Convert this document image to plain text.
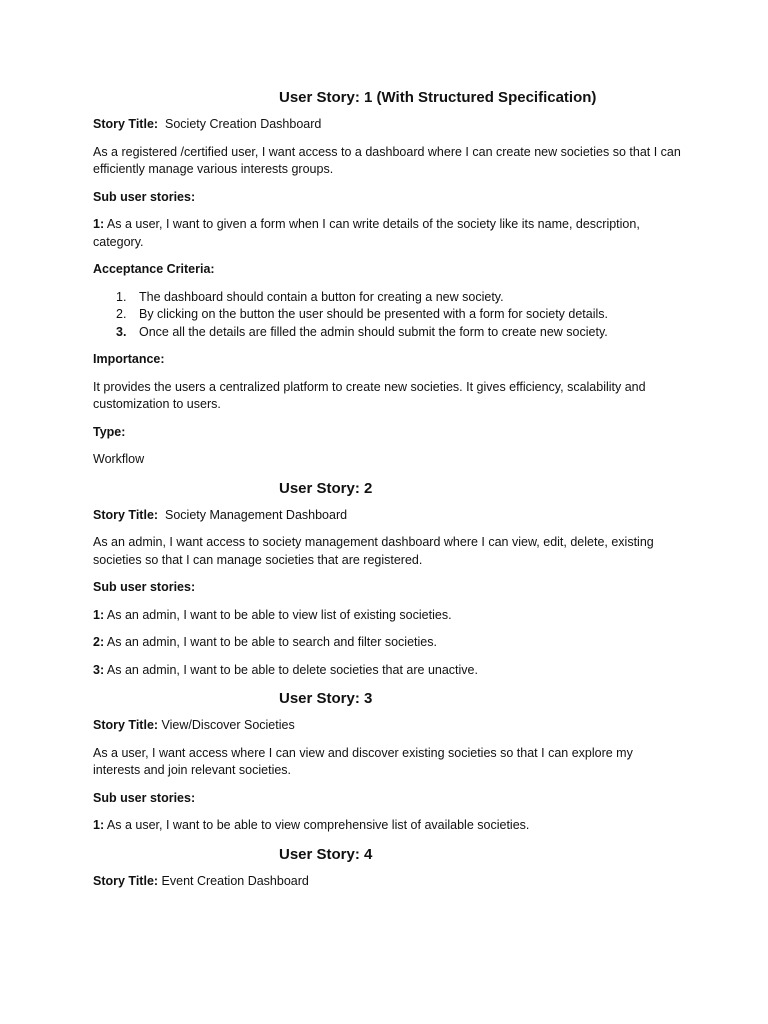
User Story: 1 (With Structured Specification)

Story Title: Society Creation Dashboard

As a registered /certified user, I want access to a dashboard where I can create new societies so that I can efficiently manage various interests groups.

Sub user stories:

1: As a user, I want to given a form when I can write details of the society like its name, description, category.

Acceptance Criteria:

1. The dashboard should contain a button for creating a new society.
2. By clicking on the button the user should be presented with a form for society details.
3. Once all the details are filled the admin should submit the form to create new society.

Importance:

It provides the users a centralized platform to create new societies. It gives efficiency, scalability and customization to users.

Type:

Workflow

User Story: 2

Story Title: Society Management Dashboard

As an admin, I want access to society management dashboard where I can view, edit, delete, existing societies so that I can manage societies that are registered.

Sub user stories:

1: As an admin, I want to be able to view list of existing societies.

2: As an admin, I want to be able to search and filter societies.

3: As an admin, I want to be able to delete societies that are unactive.

User Story: 3

Story Title: View/Discover Societies

As a user, I want access where I can view and discover existing societies so that I can explore my interests and join relevant societies.

Sub user stories:

1: As a user, I want to be able to view comprehensive list of available societies.

User Story: 4

Story Title: Event Creation Dashboard
